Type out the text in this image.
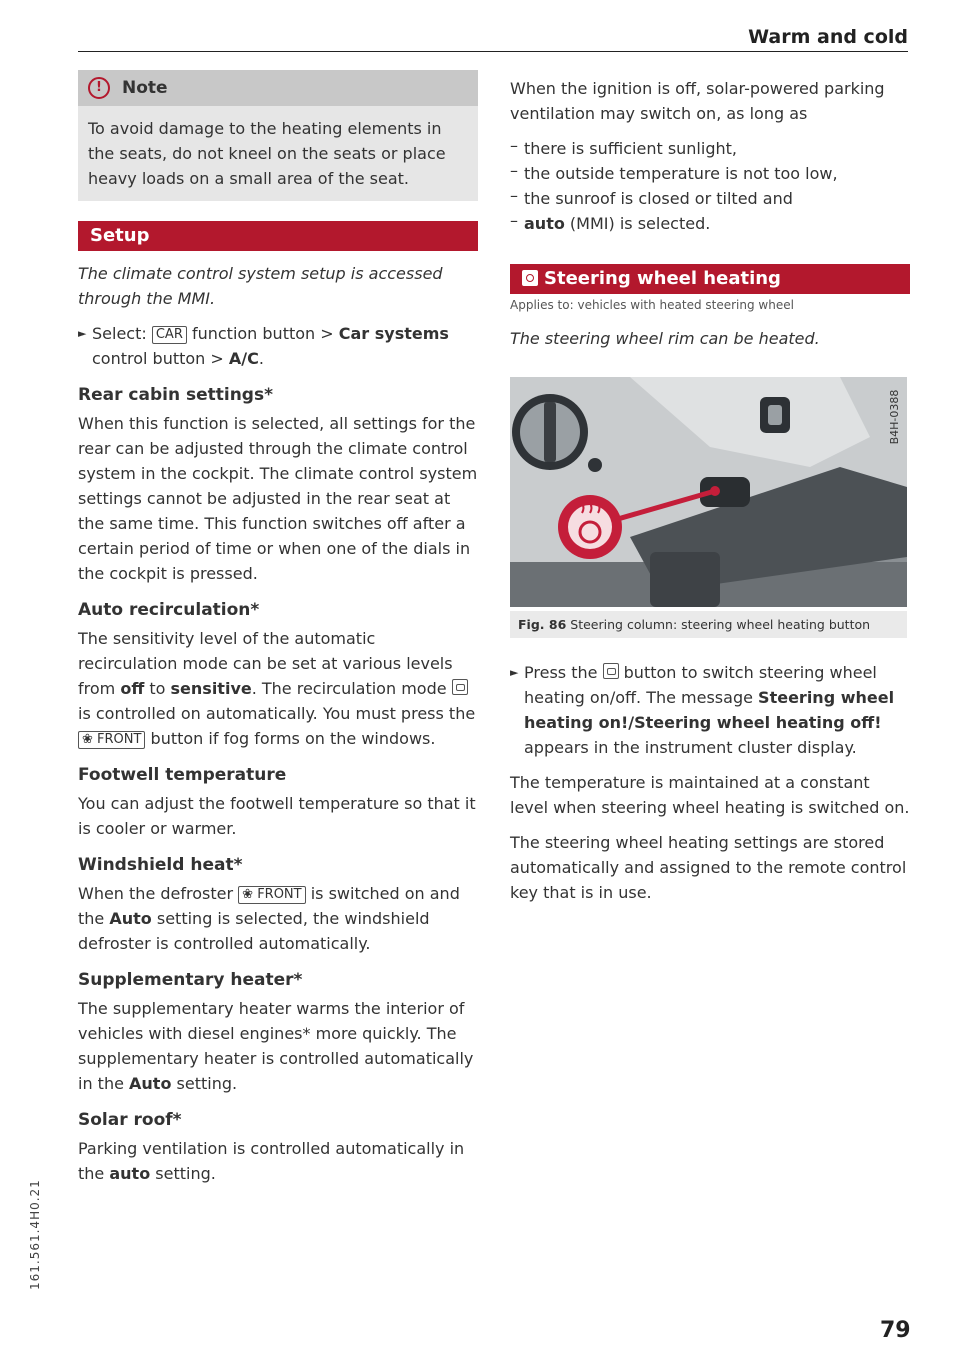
Warm and cold
!	Note

To avoid damage to the heating elements in the seats, do not kneel on the seats or place heavy loads on a small area of the seat.

Setup

The climate control system setup is accessed through the MMI.

► Select: CAR function button > Car systems control button > A/C.

Rear cabin settings*

When this function is selected, all settings for the rear can be adjusted through the climate control system in the cockpit. The climate control system settings cannot be adjusted in the rear seat at the same time. This function switches off after a certain period of time or when one of the dials in the cockpit is pressed.

Auto recirculation*

The sensitivity level of the automatic recirculation mode can be set at various levels from off to sensitive. The recirculation mode  is controlled on automatically. You must press the ❀ FRONT button if fog forms on the windows.

Footwell temperature

You can adjust the footwell temperature so that it is cooler or warmer.

Windshield heat*

When the defroster ❀ FRONT is switched on and the Auto setting is selected, the windshield defroster is controlled automatically.

Supplementary heater*

The supplementary heater warms the interior of vehicles with diesel engines* more quickly. The supplementary heater is controlled automatically in the Auto setting.

Solar roof*

Parking ventilation is controlled automatically in the auto setting.

When the ignition is off, solar-powered parking ventilation may switch on, as long as

– there is sufficient sunlight,

– the outside temperature is not too low,

– the sunroof is closed or tilted and

– auto (MMI) is selected.

Steering wheel heating
Applies to: vehicles with heated steering wheel

The steering wheel rim can be heated.

B4H-0388
Fig. 86 Steering column: steering wheel heating button
► Press the button to switch steering wheel heating on/off. The message Steering wheel heating on!/Steering wheel heating off! appears in the instrument cluster display.

The temperature is maintained at a constant level when steering wheel heating is switched on.

The steering wheel heating settings are stored automatically and assigned to the remote control key that is in use.

79
161.561.4H0.21
